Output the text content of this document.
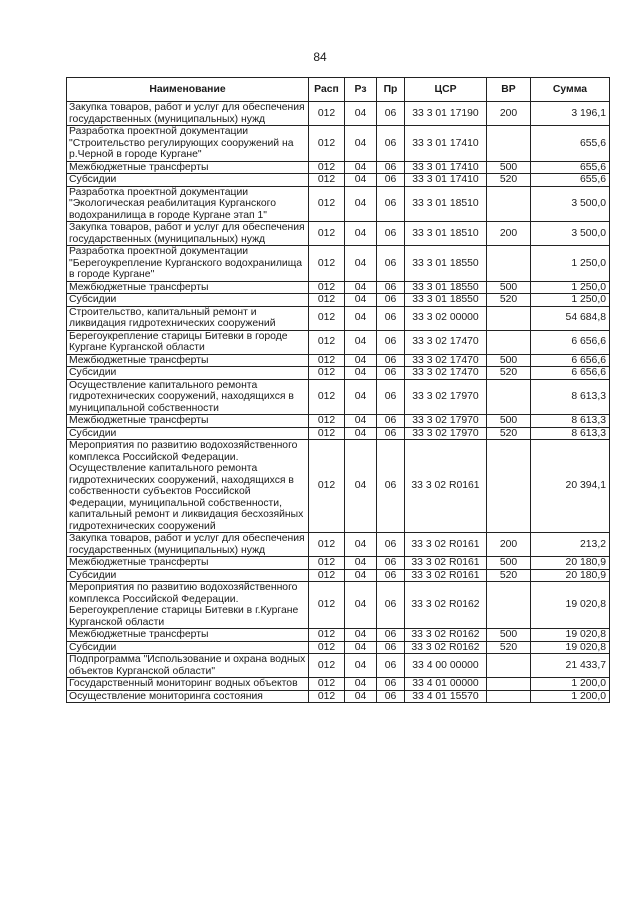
84
Наименование	Расп	Рз	Пр	ЦСР	ВР	Сумма
Закупка товаров, работ и услуг для обеспечения государственных (муниципальных) нужд	012	04	06	33 3 01 17190	200	3 196,1
Разработка проектной документации "Строительство регулирующих сооружений на р.Черной в городе Кургане"	012	04	06	33 3 01 17410		655,6
Межбюджетные трансферты	012	04	06	33 3 01 17410	500	655,6
Субсидии	012	04	06	33 3 01 17410	520	655,6
Разработка проектной документации "Экологическая реабилитация Курганского водохранилища в городе Кургане этап 1"	012	04	06	33 3 01 18510		3 500,0
Закупка товаров, работ и услуг для обеспечения государственных (муниципальных) нужд	012	04	06	33 3 01 18510	200	3 500,0
Разработка проектной документации "Берегоукрепление Курганского водохранилища в городе Кургане"	012	04	06	33 3 01 18550		1 250,0
Межбюджетные трансферты	012	04	06	33 3 01 18550	500	1 250,0
Субсидии	012	04	06	33 3 01 18550	520	1 250,0
Строительство, капитальный ремонт и ликвидация гидротехнических сооружений	012	04	06	33 3 02 00000		54 684,8
Берегоукрепление старицы Битевки в городе Кургане Курганской области	012	04	06	33 3 02 17470		6 656,6
Межбюджетные трансферты	012	04	06	33 3 02 17470	500	6 656,6
Субсидии	012	04	06	33 3 02 17470	520	6 656,6
Осуществление капитального ремонта гидротехнических сооружений, находящихся в муниципальной собственности	012	04	06	33 3 02 17970		8 613,3
Межбюджетные трансферты	012	04	06	33 3 02 17970	500	8 613,3
Субсидии	012	04	06	33 3 02 17970	520	8 613,3
Мероприятия по развитию водохозяйственного комплекса Российской Федерации. Осуществление капитального ремонта гидротехнических сооружений, находящихся в собственности субъектов Российской Федерации, муниципальной собственности, капитальный ремонт и ликвидация бесхозяйных гидротехнических сооружений	012	04	06	33 3 02 R0161		20 394,1
Закупка товаров, работ и услуг для обеспечения государственных (муниципальных) нужд	012	04	06	33 3 02 R0161	200	213,2
Межбюджетные трансферты	012	04	06	33 3 02 R0161	500	20 180,9
Субсидии	012	04	06	33 3 02 R0161	520	20 180,9
Мероприятия по развитию водохозяйственного комплекса Российской Федерации. Берегоукрепление старицы Битевки в г.Кургане Курганской области	012	04	06	33 3 02 R0162		19 020,8
Межбюджетные трансферты	012	04	06	33 3 02 R0162	500	19 020,8
Субсидии	012	04	06	33 3 02 R0162	520	19 020,8
Подпрограмма "Использование и охрана водных объектов Курганской области"	012	04	06	33 4 00 00000		21 433,7
Государственный мониторинг водных объектов	012	04	06	33 4 01 00000		1 200,0
Осуществление мониторинга состояния	012	04	06	33 4 01 15570		1 200,0
